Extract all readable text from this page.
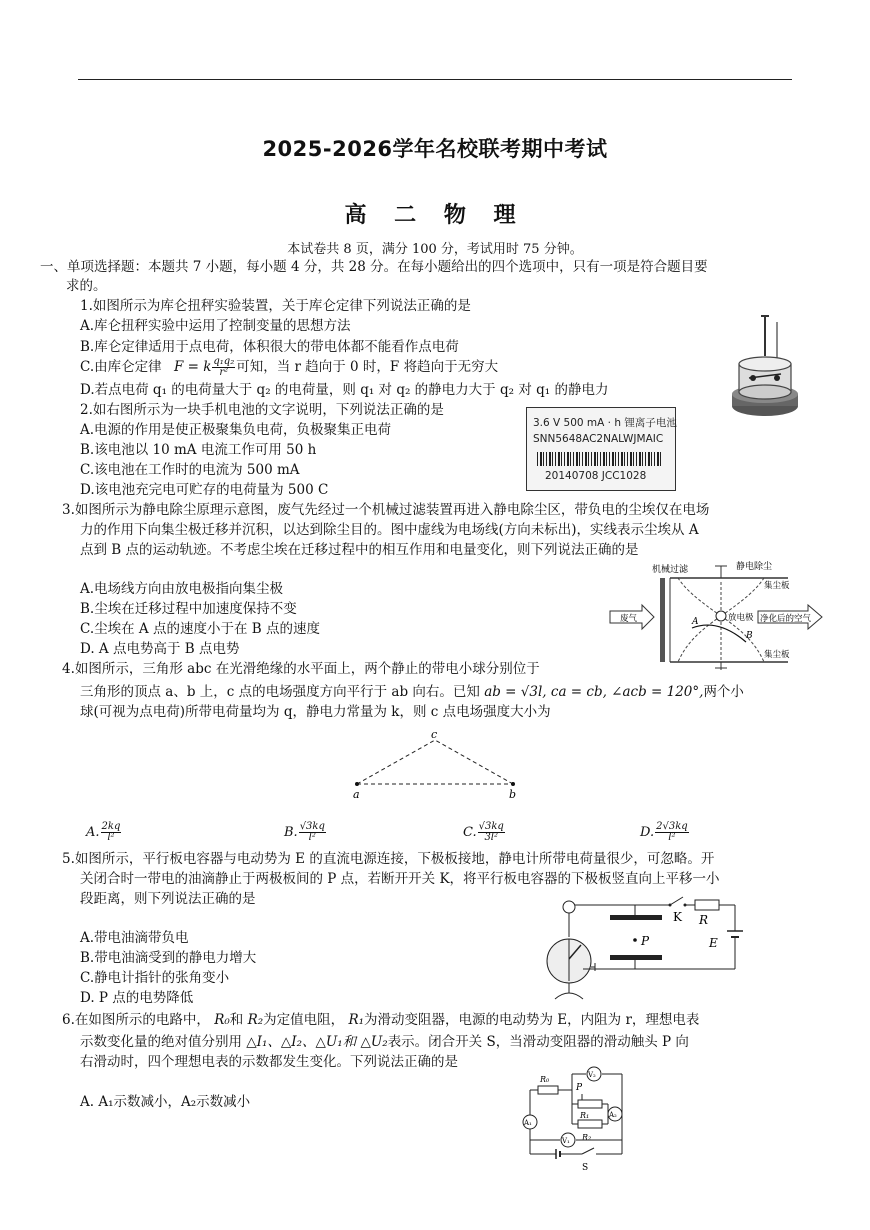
2025-2026学年名校联考期中考试
高 二 物 理
本试卷共 8 页，满分 100 分，考试用时 75 分钟。
一、单项选择题：本题共 7 小题，每小题 4 分，共 28 分。在每小题给出的四个选项中，只有一项是符合题目要
求的。
1.如图所示为库仑扭秤实验装置，关于库仑定律下列说法正确的是
A.库仑扭秤实验中运用了控制变量的思想方法
B.库仑定律适用于点电荷，体积很大的带电体都不能看作点电荷
C.由库仑定律 F = k $\frac{\text{q₁q₂}}{\text{r²}}$ 可知，当 r 趋向于 0 时，F 将趋向于无穷大
D.若点电荷 q₁ 的电荷量大于 q₂ 的电荷量，则 q₁ 对 q₂ 的静电力大于 q₂ 对 q₁ 的静电力
2.如右图所示为一块手机电池的文字说明，下列说法正确的是
A.电源的作用是使正极聚集负电荷，负极聚集正电荷
B.该电池以 10 mA 电流工作可用 50 h
C.该电池在工作时的电流为 500 mA
D.该电池充完电可贮存的电荷量为 500 C
3.6 V 500 mA · h 锂离子电池
SNN5648AC2NALWJMAIC
20140708 JCC1028
3.如图所示为静电除尘原理示意图，废气先经过一个机械过滤装置再进入静电除尘区，带负电的尘埃仅在电场
力的作用下向集尘极迁移并沉积，以达到除尘目的。图中虚线为电场线(方向未标出)，实线表示尘埃从 A
点到 B 点的运动轨迹。不考虑尘埃在迁移过程中的相互作用和电量变化，则下列说法正确的是
A.电场线方向由放电极指向集尘极
B.尘埃在迁移过程中加速度保持不变
C.尘埃在 A 点的速度小于在 B 点的速度
D. A 点电势高于 B 点电势
机械过滤	静电除尘
集尘板
集尘板
A
B
废气	放电极 净化后的空气
4.如图所示，三角形 abc 在光滑绝缘的水平面上，两个静止的带电小球分别位于
三角形的顶点 a、b 上，c 点的电场强度方向平行于 ab 向右。已知 ab = √3l, ca = cb, ∠acb = 120°,两个小
球(可视为点电荷)所带电荷量均为 q，静电力常量为 k，则 c 点电场强度大小为
c
a	b
A. $\frac{2kq}{\text{l²}}$	B. $\frac{√3kq}{\text{l²}}$	C. $\frac{√3kq}{\text{3l²}}$	D. $\frac{2√3kq}{\text{l²}}$
5.如图所示，平行板电容器与电动势为 E 的直流电源连接，下极板接地，静电计所带电荷量很少，可忽略。开
关闭合时一带电的油滴静止于两极板间的 P 点，若断开开关 K，将平行板电容器的下极板竖直向上平移一小
段距离，则下列说法正确的是
A.带电油滴带负电
B.带电油滴受到的静电力增大
C.静电计指针的张角变小
D. P 点的电势降低
P
K R
E
6.在如图所示的电路中， R₀和 R₂为定值电阻， R₁为滑动变阻器，电源的电动势为 E，内阻为 r，理想电表
示数变化量的绝对值分别用 △I₁、△I₂、△U₁和 △U₂表示。闭合开关 S，当滑动变阻器的滑动触头 P 向
右滑动时，四个理想电表的示数都发生变化。下列说法正确的是
A. A₁示数减小，A₂示数减小
R₀	V₂
P
R₁
R₂
A₂
A₁
V₁
S
